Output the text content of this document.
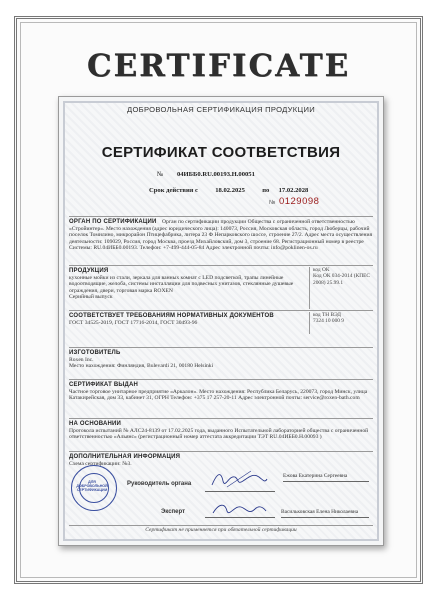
CERTIFICATE
ДОБРОВОЛЬНАЯ СЕРТИФИКАЦИЯ ПРОДУКЦИИ
СЕРТИФИКАТ СООТВЕТСТВИЯ
№ 04ИББ0.RU.00193.Н.00051
Срок действия с	18.02.2025	по 17.02.2028
№ 0129098
ОРГАН ПО СЕРТИФИКАЦИИ Орган по сертификации продукции Общества с ограниченной ответственностью «Стройинтер». Место нахождения (адрес юридического лица): 140073, Россия, Московская область, город Люберцы, рабочий поселок Томилино, микрорайон Птицефабрика, литера 23 Ф Непарковского шоссе, строение 27/2. Адрес места осуществления деятельности: 109029, Россия, город Москва, проезд Михайловский, дом 3, строение 68. Регистрационный номер в реестре Системы: RU.04ИББ0.00193. Телефон: +7-499-444-05-84 Адрес электронной почты: info@poklinen-os.ru
ПРОДУКЦИЯ
кухонные мойки из стали, зеркала для ванных комнат с LED подсветкой, трапы линейные водоотводящие, желоба, системы инсталляции для подвесных унитазов, стеклянные душевые ограждения, двери, торговая марка ROXEN
Серийный выпуск
код ОК
Код ОК 034-2014 (КПЕС 2008) 25.99.1
СООТВЕТСТВУЕТ ТРЕБОВАНИЯМ НОРМАТИВНЫХ ДОКУМЕНТОВ
ГОСТ 34525-2019, ГОСТ 17716-2014, ГОСТ 30493-96
код ТН ВЭД
7324 10 000 9
ИЗГОТОВИТЕЛЬ
Roxen Inc.
Место нахождения: Финляндия, Bulevardi 21, 00180 Helsinki
СЕРТИФИКАТ ВЫДАН
Частное торговое унитарное предприятие «Аркалон». Место нахождения: Республика Беларусь, 220073, город Минск, улица Катакирейская, дом 33, кабинет 31, ОГРН Телефон: +375 17 257-20-11 Адрес электронной почты: service@roxen-bath.com
НА ОСНОВАНИИ
Протокола испытаний № АЛС24-8139 от 17.02.2025 года, выданного Испытательной лабораторией общества с ограниченной ответственностью «Альянс» (регистрационный номер аттестата аккредитации ТЭТ RU.04ИББ0.Н.00093 )
ДОПОЛНИТЕЛЬНАЯ ИНФОРМАЦИЯ
Схема сертификации: №3.
ДЛЯ ДОБРОВОЛЬНОЙ СЕРТИФИКАЦИИ
Руководитель органа
Ежова Екатерина Сергеевна
Эксперт	Васильковская Елена Николаевна
Сертификат не применяется при обязательной сертификации
